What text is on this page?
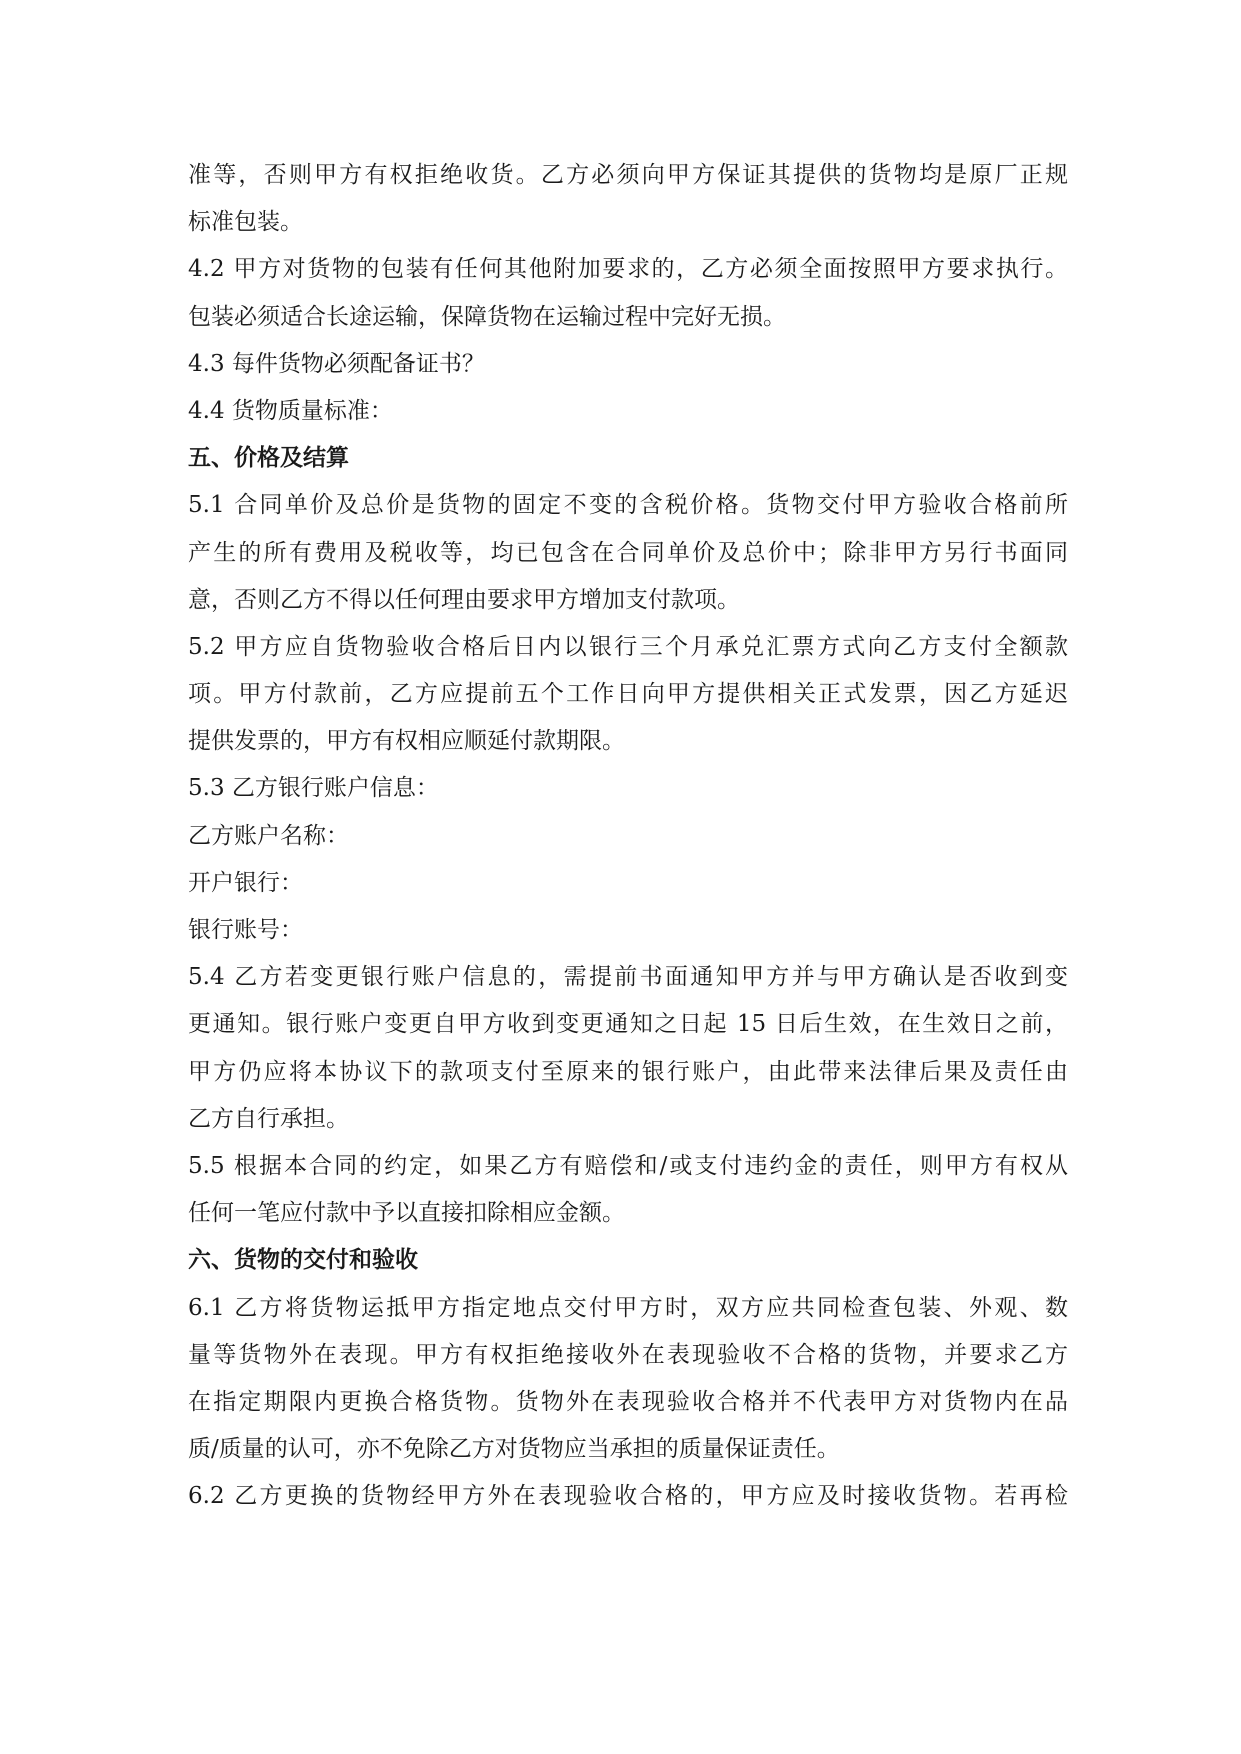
准等，否则甲方有权拒绝收货。乙方必须向甲方保证其提供的货物均是原厂正规
标准包装。
4.2 甲方对货物的包装有任何其他附加要求的，乙方必须全面按照甲方要求执行。
包装必须适合长途运输，保障货物在运输过程中完好无损。
4.3 每件货物必须配备证书？
4.4 货物质量标准：
五、价格及结算
5.1 合同单价及总价是货物的固定不变的含税价格。货物交付甲方验收合格前所
产生的所有费用及税收等，均已包含在合同单价及总价中；除非甲方另行书面同
意，否则乙方不得以任何理由要求甲方增加支付款项。
5.2 甲方应自货物验收合格后日内以银行三个月承兑汇票方式向乙方支付全额款
项。甲方付款前，乙方应提前五个工作日向甲方提供相关正式发票，因乙方延迟
提供发票的，甲方有权相应顺延付款期限。
5.3 乙方银行账户信息：
乙方账户名称：
开户银行：
银行账号：
5.4 乙方若变更银行账户信息的，需提前书面通知甲方并与甲方确认是否收到变
更通知。银行账户变更自甲方收到变更通知之日起 15 日后生效，在生效日之前，
甲方仍应将本协议下的款项支付至原来的银行账户，由此带来法律后果及责任由
乙方自行承担。
5.5 根据本合同的约定，如果乙方有赔偿和/或支付违约金的责任，则甲方有权从
任何一笔应付款中予以直接扣除相应金额。
六、货物的交付和验收
6.1 乙方将货物运抵甲方指定地点交付甲方时，双方应共同检查包装、外观、数
量等货物外在表现。甲方有权拒绝接收外在表现验收不合格的货物，并要求乙方
在指定期限内更换合格货物。货物外在表现验收合格并不代表甲方对货物内在品
质/质量的认可，亦不免除乙方对货物应当承担的质量保证责任。
6.2 乙方更换的货物经甲方外在表现验收合格的，甲方应及时接收货物。若再检
